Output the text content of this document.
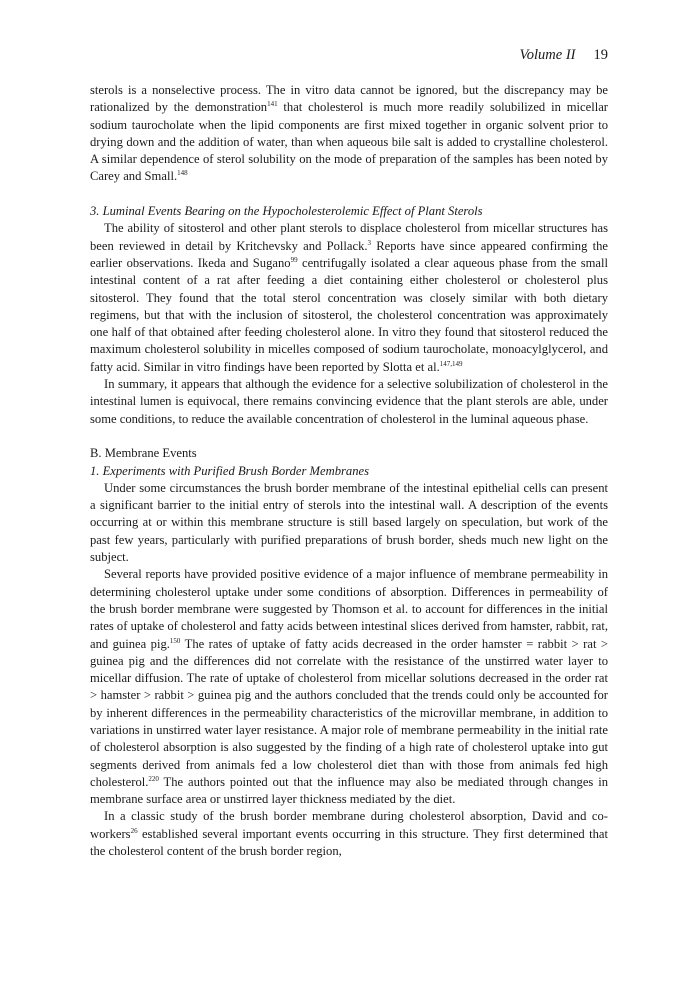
Volume II 19

sterols is a nonselective process. The in vitro data cannot be ignored, but the discrepancy may be rationalized by the demonstration$^{141}$ that cholesterol is much more readily solubilized in micellar sodium taurocholate when the lipid components are first mixed together in organic solvent prior to drying down and the addition of water, than when aqueous bile salt is added to crystalline cholesterol. A similar dependence of sterol solubility on the mode of preparation of the samples has been noted by Carey and Small.$^{148}$

3. Luminal Events Bearing on the Hypocholesterolemic Effect of Plant Sterols

The ability of sitosterol and other plant sterols to displace cholesterol from micellar structures has been reviewed in detail by Kritchevsky and Pollack.$^3$ Reports have since appeared confirming the earlier observations. Ikeda and Sugano$^{99}$ centrifugally isolated a clear aqueous phase from the small intestinal content of a rat after feeding a diet containing either cholesterol or cholesterol plus sitosterol. They found that the total sterol concentration was closely similar with both dietary regimens, but that with the inclusion of sitosterol, the cholesterol concentration was approximately one half of that obtained after feeding cholesterol alone. In vitro they found that sitosterol reduced the maximum cholesterol solubility in micelles composed of sodium taurocholate, monoacylglycerol, and fatty acid. Similar in vitro findings have been reported by Slotta et al.$^{147,149}$

In summary, it appears that although the evidence for a selective solubilization of cholesterol in the intestinal lumen is equivocal, there remains convincing evidence that the plant sterols are able, under some conditions, to reduce the available concentration of cholesterol in the luminal aqueous phase.

B. Membrane Events

1. Experiments with Purified Brush Border Membranes

Under some circumstances the brush border membrane of the intestinal epithelial cells can present a significant barrier to the initial entry of sterols into the intestinal wall. A description of the events occurring at or within this membrane structure is still based largely on speculation, but work of the past few years, particularly with purified preparations of brush border, sheds much new light on the subject.

Several reports have provided positive evidence of a major influence of membrane permeability in determining cholesterol uptake under some conditions of absorption. Differences in permeability of the brush border membrane were suggested by Thomson et al. to account for differences in the initial rates of uptake of cholesterol and fatty acids between intestinal slices derived from hamster, rabbit, rat, and guinea pig.$^{150}$ The rates of uptake of fatty acids decreased in the order hamster = rabbit > rat > guinea pig and the differences did not correlate with the resistance of the unstirred water layer to micellar diffusion. The rate of uptake of cholesterol from micellar solutions decreased in the order rat > hamster > rabbit > guinea pig and the authors concluded that the trends could only be accounted for by inherent differences in the permeability characteristics of the microvillar membrane, in addition to variations in unstirred water layer resistance. A major role of membrane permeability in the initial rate of cholesterol absorption is also suggested by the finding of a high rate of cholesterol uptake into gut segments derived from animals fed a low cholesterol diet than with those from animals fed high cholesterol.$^{220}$ The authors pointed out that the influence may also be mediated through changes in membrane surface area or unstirred layer thickness mediated by the diet.

In a classic study of the brush border membrane during cholesterol absorption, David and co-workers$^{26}$ established several important events occurring in this structure. They first determined that the cholesterol content of the brush border region,
